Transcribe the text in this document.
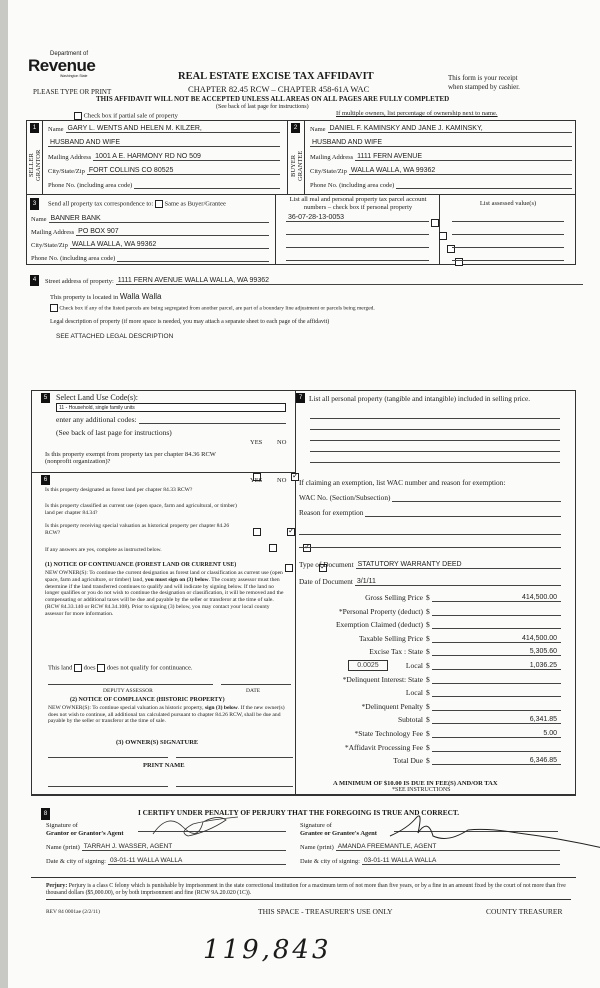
Department of
Revenue
Washington State
PLEASE TYPE OR PRINT
REAL ESTATE EXCISE TAX AFFIDAVIT
CHAPTER 82.45 RCW – CHAPTER 458-61A WAC
This form is your receipt
when stamped by cashier.
THIS AFFIDAVIT WILL NOT BE ACCEPTED UNLESS ALL AREAS ON ALL PAGES ARE FULLY COMPLETED
(See back of last page for instructions)
Check box if partial sale of property	If multiple owners, list percentage of ownership next to name.
1
SELLER GRANTOR
Name GARY L. WENTS AND HELEN M. KILZER,
HUSBAND AND WIFE
Mailing Address 1001 A E. HARMONY RD NO 509
City/State/Zip FORT COLLINS CO 80525
Phone No. (including area code)
2
BUYER GRANTEE
Name DANIEL F. KAMINSKY AND JANE J. KAMINSKY,
HUSBAND AND WIFE
Mailing Address 1111 FERN AVENUE
City/State/Zip WALLA WALLA, WA 99362
Phone No. (including area code)
3	Send all property tax correspondence to: Same as Buyer/Grantee
Name BANNER BANK
Mailing Address PO BOX 907
City/State/Zip WALLA WALLA, WA 99362
Phone No. (including area code)
List all real and personal property tax parcel account
numbers – check box if personal property
List assessed value(s)
36-07-28-13-0053
4	Street address of property: 1111 FERN AVENUE WALLA WALLA, WA 99362
This property is located in Walla Walla
Check box if any of the listed parcels are being segregated from another parcel, are part of a boundary line adjustment or parcels being merged.
Legal description of property (if more space is needed, you may attach a separate sheet to each page of the affidavit)
SEE ATTACHED LEGAL DESCRIPTION
5	Select Land Use Code(s):
11 - Household, single family units
enter any additional codes:
(See back of last page for instructions)
YES NO
Is this property exempt from property tax per chapter 84.36 RCW (nonprofit organization)?
✓
6	YES NO
Is this property designated as forest land per chapter 84.33 RCW?
✓
Is this property classified as current use (open space, farm and agricultural, or timber) land per chapter 84.34?
✓
Is this property receiving special valuation as historical property per chapter 84.26 RCW?
✓
If any answers are yes, complete as instructed below.
(1) NOTICE OF CONTINUANCE (FOREST LAND OR CURRENT USE)
NEW OWNER(S): To continue the current designation as forest land or classification as current use (open space, farm and agriculture, or timber) land, you must sign on (3) below. The county assessor must then determine if the land transferred continues to qualify and will indicate by signing below. If the land no longer qualifies or you do not wish to continue the designation or classification, it will be removed and the compensating or additional taxes will be due and payable by the seller or transferor at the time of sale. (RCW 84.33.140 or RCW 84.34.108). Prior to signing (3) below, you may contact your local county assessor for more information.
This land does does not qualify for continuance.
DEPUTY ASSESSOR	DATE
(2) NOTICE OF COMPLIANCE (HISTORIC PROPERTY)
NEW OWNER(S): To continue special valuation as historic property, sign (3) below. If the new owner(s) does not wish to continue, all additional tax calculated pursuant to chapter 84.26 RCW, shall be due and payable by the seller or transferor at the time of sale.
(3) OWNER(S) SIGNATURE
PRINT NAME
7 List all personal property (tangible and intangible) included in selling price.
If claiming an exemption, list WAC number and reason for exemption:
WAC No. (Section/Subsection)
Reason for exemption
Type of Document STATUTORY WARRANTY DEED
Date of Document 3/1/11
0.0025
Gross Selling Price $	414,500.00
*Personal Property (deduct) $
Exemption Claimed (deduct) $
Taxable Selling Price $	414,500.00
Excise Tax : State $	5,305.60
Local $	1,036.25
*Delinquent Interest: State $
Local $
*Delinquent Penalty $
Subtotal $	6,341.85
*State Technology Fee $	5.00
*Affidavit Processing Fee $
Total Due $	6,346.85
A MINIMUM OF $10.00 IS DUE IN FEE(S) AND/OR TAX
*SEE INSTRUCTIONS
8	I CERTIFY UNDER PENALTY OF PERJURY THAT THE FOREGOING IS TRUE AND CORRECT.
Signature of
Grantor or Grantor's Agent
Name (print) TARRAH J. WASSER, AGENT
Date & city of signing: 03-01-11 WALLA WALLA
Signature of
Grantee or Grantee's Agent
Name (print) AMANDA FREEMANTLE, AGENT
Date & city of signing: 03-01-11 WALLA WALLA
Perjury: Perjury is a class C felony which is punishable by imprisonment in the state correctional institution for a maximum term of not more than five years, or by a fine in an amount fixed by the court of not more than five thousand dollars ($5,000.00), or by both imprisonment and fine (RCW 9A.20.020 (1C)).
REV 84 0001ae (2/2/11)	THIS SPACE - TREASURER'S USE ONLY	COUNTY TREASURER
119,843
